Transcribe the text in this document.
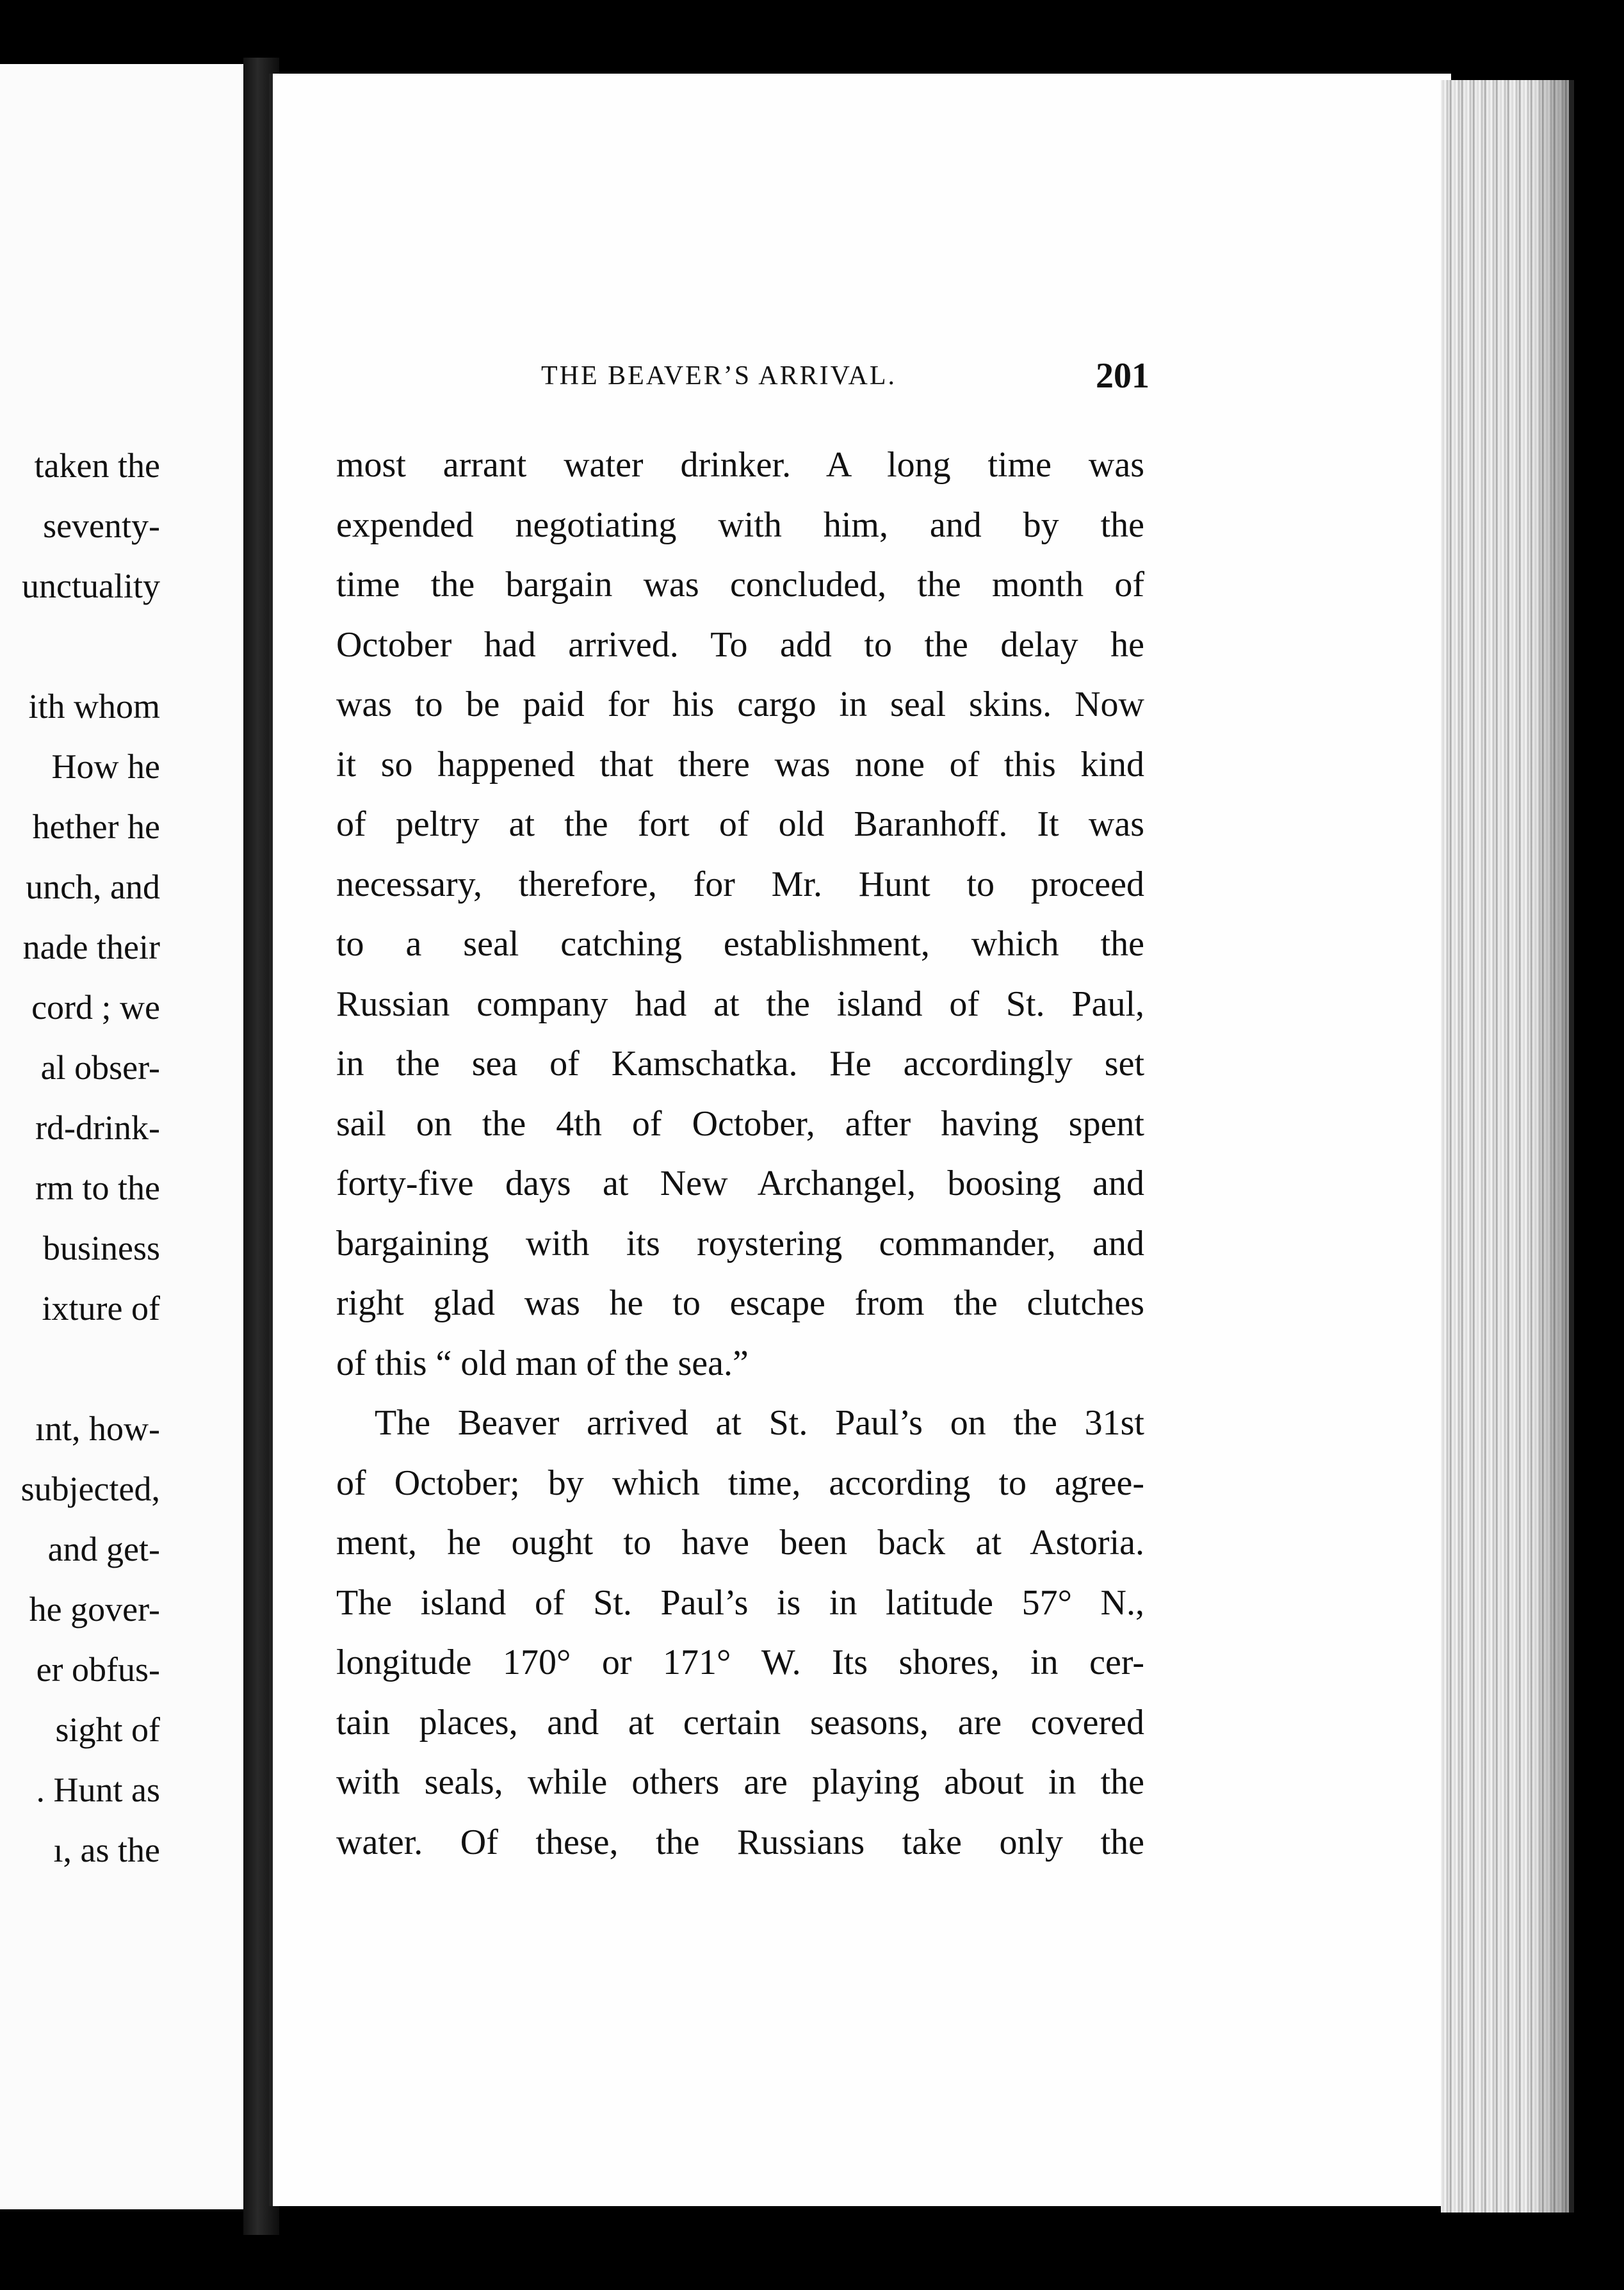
taken the
seventy-
unctuality
ith whom
How he
hether he
unch, and
nade their
cord ; we
al obser-
rd-drink-
rm to the
business
ixture of
ınt, how-
subjected,
and get-
he gover-
er obfus-
sight of
. Hunt as
ı, as the
THE BEAVER’S ARRIVAL.	201
most arrant water drinker. A long time was
expended negotiating with him, and by the
time the bargain was concluded, the month of
October had arrived. To add to the delay he
was to be paid for his cargo in seal skins. Now
it so happened that there was none of this kind
of peltry at the fort of old Baranhoff. It was
necessary, therefore, for Mr. Hunt to proceed
to a seal catching establishment, which the
Russian company had at the island of St. Paul,
in the sea of Kamschatka. He accordingly set
sail on the 4th of October, after having spent
forty-five days at New Archangel, boosing and
bargaining with its roystering commander, and
right glad was he to escape from the clutches
of this “ old man of the sea.”
The Beaver arrived at St. Paul’s on the 31st
of October; by which time, according to agree-
ment, he ought to have been back at Astoria.
The island of St. Paul’s is in latitude 57° N.,
longitude 170° or 171° W. Its shores, in cer-
tain places, and at certain seasons, are covered
with seals, while others are playing about in the
water. Of these, the Russians take only the
